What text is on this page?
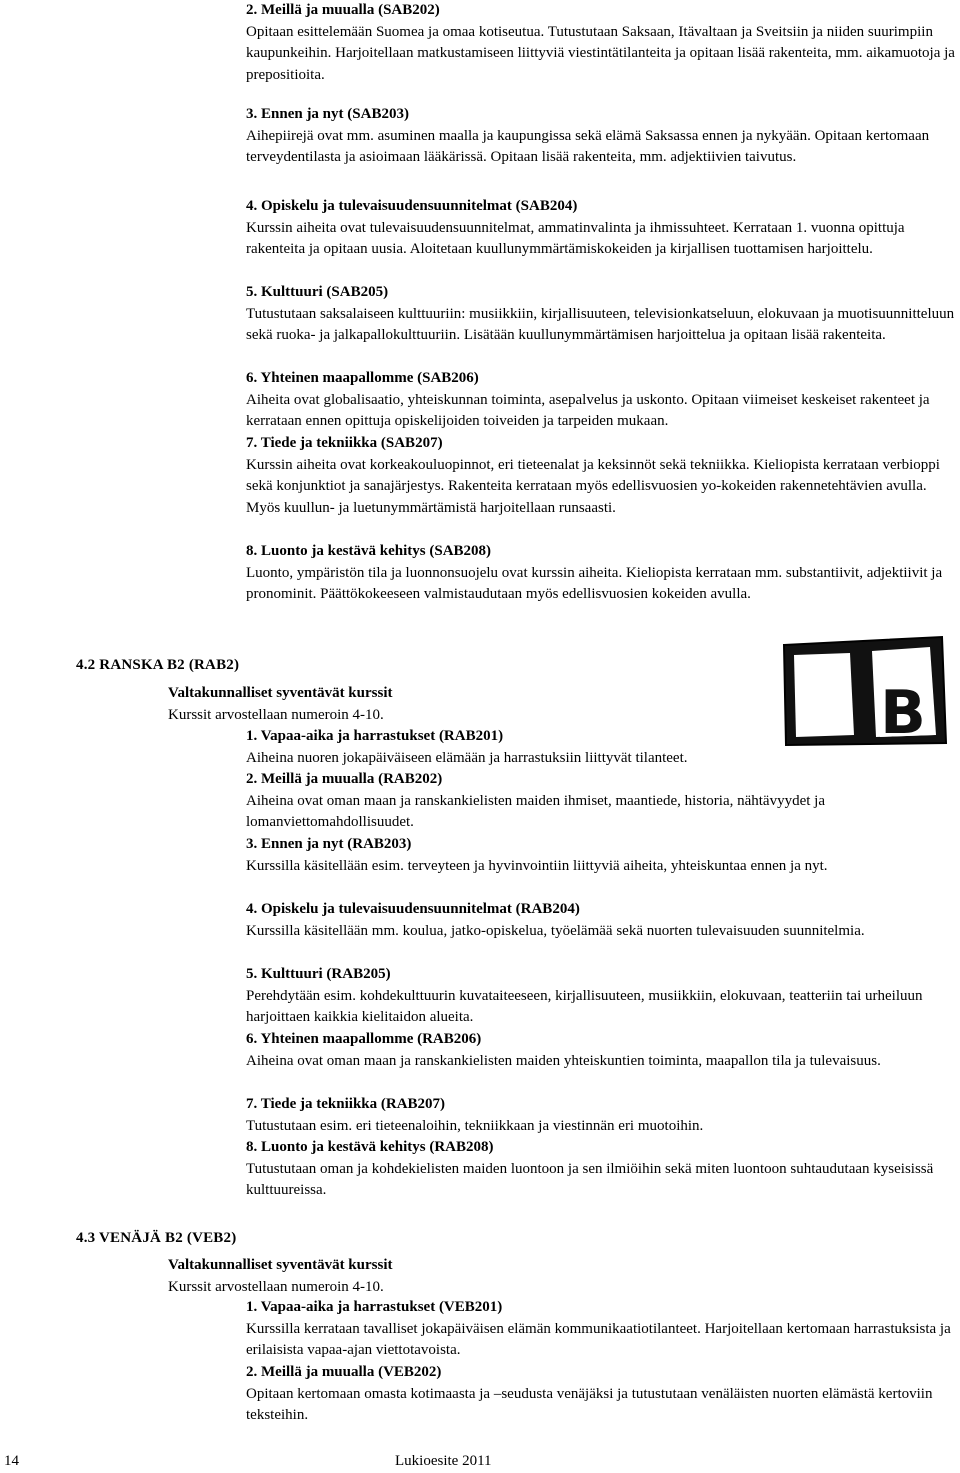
2. Meillä ja muualla (SAB202)
Opitaan esittelemään Suomea ja omaa kotiseutua. Tutustutaan Saksaan, Itävaltaan ja Sveitsiin ja niiden suurimpiin kaupunkeihin. Harjoitellaan matkustamiseen liittyviä viestintätilanteita ja opitaan lisää rakenteita, mm. aikamuotoja ja prepositioita.
3. Ennen ja nyt (SAB203)
Aihepiirejä ovat mm. asuminen maalla ja kaupungissa sekä elämä Saksassa ennen ja nykyään. Opitaan kertomaan terveydentilasta ja asioimaan lääkärissä. Opitaan lisää rakenteita, mm. adjektiivien taivutus.
4. Opiskelu ja tulevaisuudensuunnitelmat (SAB204)
Kurssin aiheita ovat tulevaisuudensuunnitelmat, ammatinvalinta ja ihmissuhteet. Kerrataan 1. vuonna opittuja rakenteita ja opitaan uusia. Aloitetaan kuullunymmärtämiskokeiden ja kirjallisen tuottamisen harjoittelu.
5. Kulttuuri (SAB205)
Tutustutaan saksalaiseen kulttuuriin: musiikkiin, kirjallisuuteen, televisionkatseluun, elokuvaan ja muotisuunnitteluun sekä ruoka- ja jalkapallokulttuuriin. Lisätään kuullunymmärtämisen harjoittelua ja opitaan lisää rakenteita.
6. Yhteinen maapallomme (SAB206)
Aiheita ovat globalisaatio, yhteiskunnan toiminta, asepalvelus ja uskonto. Opitaan viimeiset keskeiset rakenteet ja kerrataan ennen opittuja opiskelijoiden toiveiden ja tarpeiden mukaan.
7. Tiede ja tekniikka (SAB207)
Kurssin aiheita ovat korkeakouluopinnot, eri tieteenalat ja keksinnöt sekä tekniikka. Kieliopista kerrataan verbioppi sekä konjunktiot ja sanajärjestys. Rakenteita kerrataan myös edellisvuosien yo-kokeiden rakennetehtävien avulla. Myös kuullun- ja luetunymmärtämistä harjoitellaan runsaasti.
8. Luonto ja kestävä kehitys (SAB208)
Luonto, ympäristön tila ja luonnonsuojelu ovat kurssin aiheita. Kieliopista kerrataan mm. substantiivit, adjektiivit ja pronominit. Päättökokeeseen valmistaudutaan myös edellisvuosien kokeiden avulla.
B
4.2 RANSKA B2 (RAB2)
Valtakunnalliset syventävät kurssit
Kurssit arvostellaan numeroin 4-10.
1. Vapaa-aika ja harrastukset (RAB201)
Aiheina nuoren jokapäiväiseen elämään ja harrastuksiin liittyvät tilanteet.
2. Meillä ja muualla (RAB202)
Aiheina ovat oman maan ja ranskankielisten maiden ihmiset, maantiede, historia, nähtävyydet ja lomanviettomahdollisuudet.
3. Ennen ja nyt (RAB203)
Kurssilla käsitellään esim. terveyteen ja hyvinvointiin liittyviä aiheita, yhteiskuntaa ennen ja nyt.
4. Opiskelu ja tulevaisuudensuunnitelmat (RAB204)
Kurssilla käsitellään mm. koulua, jatko-opiskelua, työelämää sekä nuorten tulevaisuuden suunnitelmia.
5. Kulttuuri (RAB205)
Perehdytään esim. kohdekulttuurin kuvataiteeseen, kirjallisuuteen, musiikkiin, elokuvaan, teatteriin tai urheiluun harjoittaen kaikkia kielitaidon alueita.
6. Yhteinen maapallomme (RAB206)
Aiheina ovat oman maan ja ranskankielisten maiden yhteiskuntien toiminta, maapallon tila ja tulevaisuus.
7. Tiede ja tekniikka (RAB207)
Tutustutaan esim. eri tieteenaloihin, tekniikkaan ja viestinnän eri muotoihin.
8. Luonto ja kestävä kehitys (RAB208)
Tutustutaan oman ja kohdekielisten maiden luontoon ja sen ilmiöihin sekä miten luontoon suhtaudutaan kyseisissä kulttuureissa.
4.3 VENÄJÄ B2 (VEB2)
Valtakunnalliset syventävät kurssit
Kurssit arvostellaan numeroin 4-10.
1. Vapaa-aika ja harrastukset (VEB201)
Kurssilla kerrataan tavalliset jokapäiväisen elämän kommunikaatiotilanteet. Harjoitellaan kertomaan harrastuksista ja erilaisista vapaa-ajan viettotavoista.
2. Meillä ja muualla (VEB202)
Opitaan kertomaan omasta kotimaasta ja –seudusta venäjäksi ja tutustutaan venäläisten nuorten elämästä kertoviin teksteihin.
14	Lukioesite 2011
